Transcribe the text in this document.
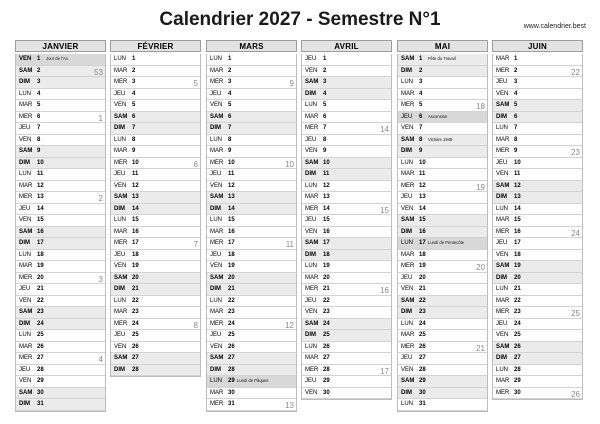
Calendrier 2027 - Semestre N°1	www.calendrier.best
JANVIER
VEN 1 Jour de l'An
SAM 2	53
DIM 3
LUN 4
MAR 5
MER 6	1
JEU 7
VEN 8
SAM 9
DIM 10
LUN 11
MAR 12
MER 13	2
JEU 14
VEN 15
SAM 16
DIM 17
LUN 18
MAR 19
MER 20	3
JEU 21
VEN 22
SAM 23
DIM 24
LUN 25
MAR 26
MER 27	4
JEU 28
VEN 29
SAM 30
DIM 31
FÉVRIER
LUN 1
MAR 2
MER 3	5
JEU 4
VEN 5
SAM 6
DIM 7
LUN 8
MAR 9
MER 10	6
JEU 11
VEN 12
SAM 13
DIM 14
LUN 15
MAR 16
MER 17	7
JEU 18
VEN 19
SAM 20
DIM 21
LUN 22
MAR 23
MER 24	8
JEU 25
VEN 26
SAM 27
DIM 28
MARS
LUN 1
MAR 2
MER 3	9
JEU 4
VEN 5
SAM 6
DIM 7
LUN 8
MAR 9
MER 10	10
JEU 11
VEN 12
SAM 13
DIM 14
LUN 15
MAR 16
MER 17	11
JEU 18
VEN 19
SAM 20
DIM 21
LUN 22
MAR 23
MER 24	12
JEU 25
VEN 26
SAM 27
DIM 28
LUN 29 Lundi de Pâques
MAR 30
MER 31	13
AVRIL
JEU 1
VEN 2
SAM 3
DIM 4
LUN 5
MAR 6
MER 7	14
JEU 8
VEN 9
SAM 10
DIM 11
LUN 12
MAR 13
MER 14	15
JEU 15
VEN 16
SAM 17
DIM 18
LUN 19
MAR 20
MER 21	16
JEU 22
VEN 23
SAM 24
DIM 25
LUN 26
MAR 27
MER 28	17
JEU 29
VEN 30
MAI
SAM 1 Fête du Travail
DIM 2
LUN 3
MAR 4
MER 5	18
JEU 6 Ascension
VEN 7
SAM 8 Victoire 1945
DIM 9
LUN 10
MAR 11
MER 12	19
JEU 13
VEN 14
SAM 15
DIM 16
LUN 17 Lundi de Pentecôte
MAR 18
MER 19	20
JEU 20
VEN 21
SAM 22
DIM 23
LUN 24
MAR 25
MER 26	21
JEU 27
VEN 28
SAM 29
DIM 30
LUN 31
JUIN
MAR 1
MER 2	22
JEU 3
VEN 4
SAM 5
DIM 6
LUN 7
MAR 8
MER 9	23
JEU 10
VEN 11
SAM 12
DIM 13
LUN 14
MAR 15
MER 16	24
JEU 17
VEN 18
SAM 19
DIM 20
LUN 21
MAR 22
MER 23	25
JEU 24
VEN 25
SAM 26
DIM 27
LUN 28
MAR 29
MER 30	26
